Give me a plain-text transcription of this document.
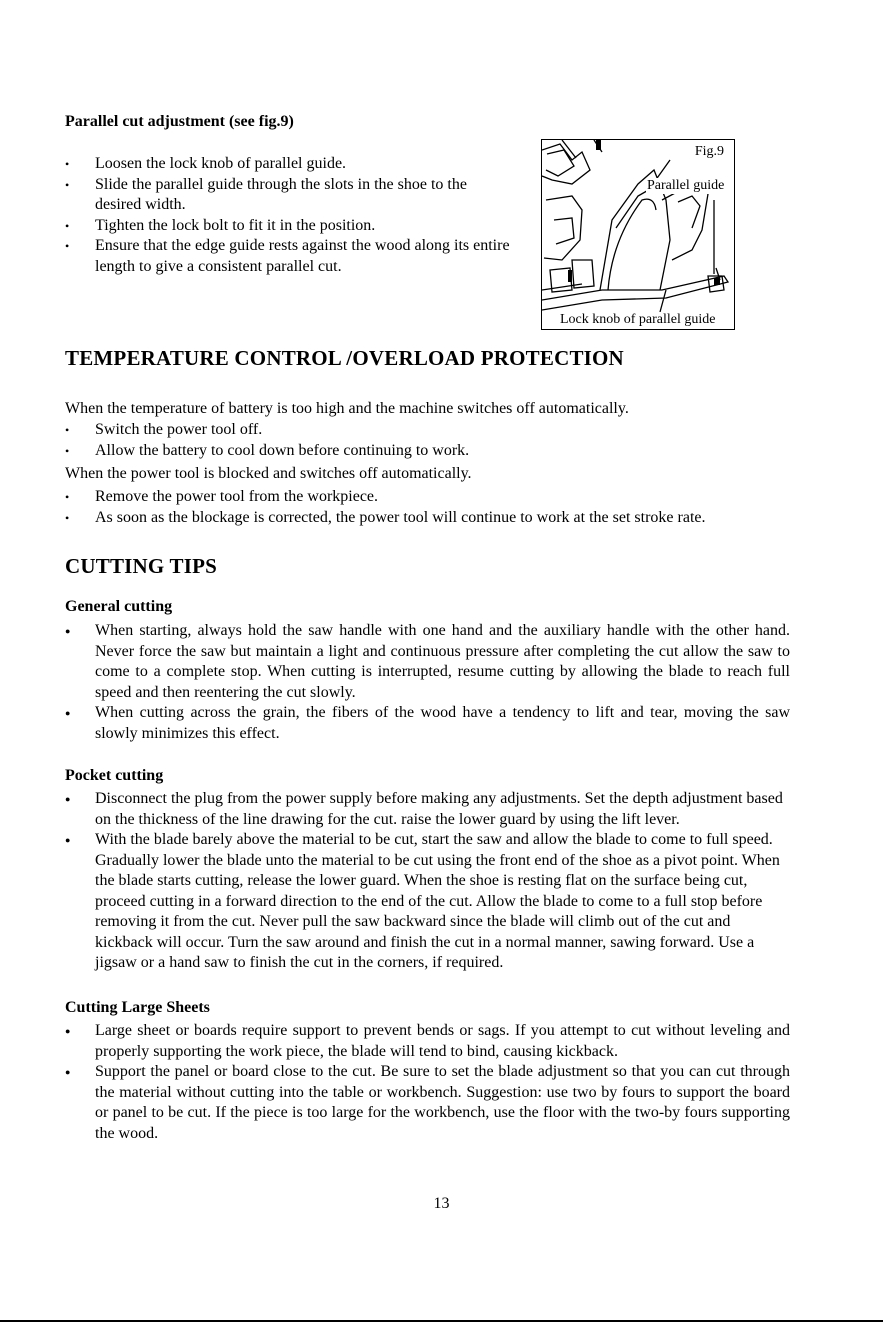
Parallel cut adjustment (see fig.9)
• Loosen the lock knob of parallel guide.
• Slide the parallel guide through the slots in the shoe to the desired width.
• Tighten the lock bolt to fit it in the position.
• Ensure that the edge guide rests against the wood along its entire length to give a consistent parallel cut.
Fig.9
Parallel guide
Lock knob of parallel guide
TEMPERATURE CONTROL /OVERLOAD PROTECTION
When the temperature of battery is too high and the machine switches off automatically.
• Switch the power tool off.
• Allow the battery to cool down before continuing to work.
When the power tool is blocked and switches off automatically.
• Remove the power tool from the workpiece.
• As soon as the blockage is corrected, the power tool will continue to work at the set stroke rate.
CUTTING TIPS
General cutting
● When starting, always hold the saw handle with one hand and the auxiliary handle with the other hand. Never force the saw but maintain a light and continuous pressure after completing the cut allow the saw to come to a complete stop. When cutting is interrupted, resume cutting by allowing the blade to reach full speed and then reentering the cut slowly.
● When cutting across the grain, the fibers of the wood have a tendency to lift and tear, moving the saw slowly minimizes this effect.
Pocket cutting
● Disconnect the plug from the power supply before making any adjustments. Set the depth adjustment based on the thickness of the line drawing for the cut. raise the lower guard by using the lift lever.
● With the blade barely above the material to be cut, start the saw and allow the blade to come to full speed. Gradually lower the blade unto the material to be cut using the front end of the shoe as a pivot point. When the blade starts cutting, release the lower guard. When the shoe is resting flat on the surface being cut, proceed cutting in a forward direction to the end of the cut. Allow the blade to come to a full stop before removing it from the cut. Never pull the saw backward since the blade will climb out of the cut and kickback will occur. Turn the saw around and finish the cut in a normal manner, sawing forward. Use a jigsaw or a hand saw to finish the cut in the corners, if required.
Cutting Large Sheets
● Large sheet or boards require support to prevent bends or sags. If you attempt to cut without leveling and properly supporting the work piece, the blade will tend to bind, causing kickback.
● Support the panel or board close to the cut. Be sure to set the blade adjustment so that you can cut through the material without cutting into the table or workbench. Suggestion: use two by fours to support the board or panel to be cut. If the piece is too large for the workbench, use the floor with the two-by fours supporting the wood.
13
